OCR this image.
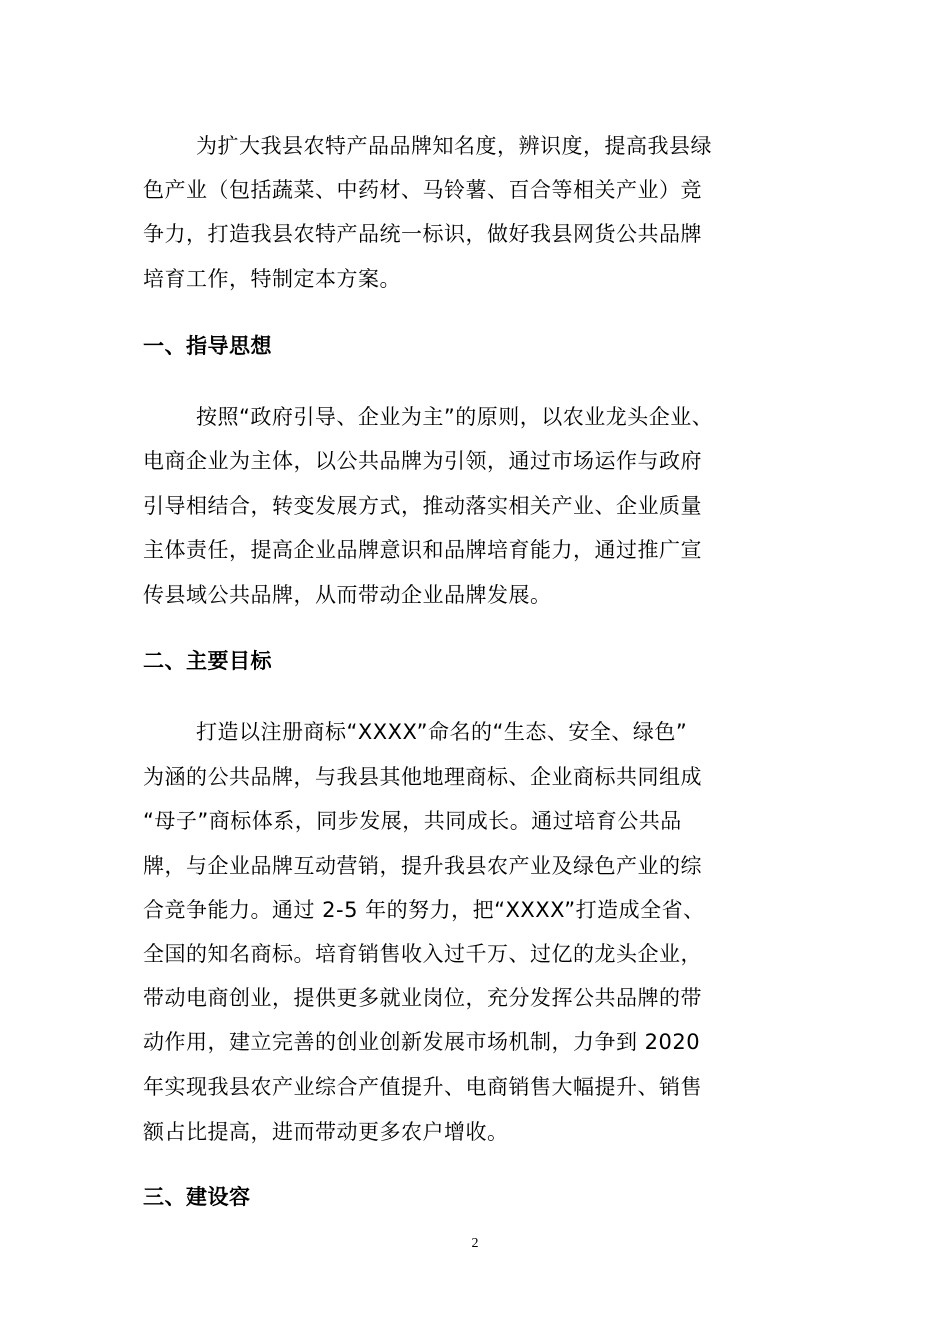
为扩大我县农特产品品牌知名度，辨识度，提高我县绿
色产业（包括蔬菜、中药材、马铃薯、百合等相关产业）竞
争力，打造我县农特产品统一标识，做好我县网货公共品牌
培育工作，特制定本方案。
一、指导思想
按照“政府引导、企业为主”的原则，以农业龙头企业、
电商企业为主体，以公共品牌为引领，通过市场运作与政府
引导相结合，转变发展方式，推动落实相关产业、企业质量
主体责任，提高企业品牌意识和品牌培育能力，通过推广宣
传县域公共品牌，从而带动企业品牌发展。
二、主要目标
打造以注册商标“XXXX”命名的“生态、安全、绿色”
为涵的公共品牌，与我县其他地理商标、企业商标共同组成
“母子”商标体系，同步发展，共同成长。通过培育公共品
牌，与企业品牌互动营销，提升我县农产业及绿色产业的综
合竞争能力。通过 2-5 年的努力，把“XXXX”打造成全省、
全国的知名商标。培育销售收入过千万、过亿的龙头企业，
带动电商创业，提供更多就业岗位，充分发挥公共品牌的带
动作用，建立完善的创业创新发展市场机制，力争到 2020
年实现我县农产业综合产值提升、电商销售大幅提升、销售
额占比提高，进而带动更多农户增收。
三、建设容
2
